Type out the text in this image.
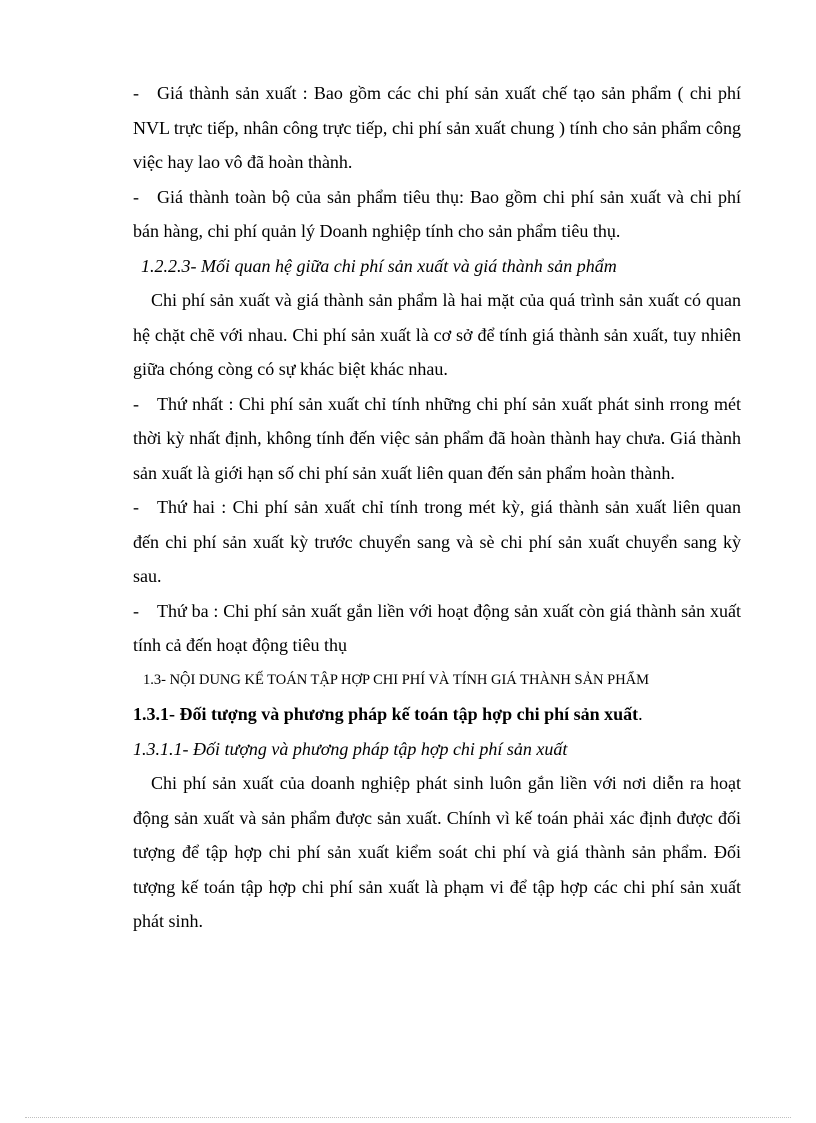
- Giá thành sản xuất : Bao gồm các chi phí sản xuất chế tạo sản phẩm ( chi phí NVL trực tiếp, nhân công trực tiếp, chi phí sản xuất chung ) tính cho sản phẩm công việc hay lao vô đã hoàn thành.

- Giá thành toàn bộ của sản phẩm tiêu thụ: Bao gồm chi phí sản xuất và chi phí bán hàng, chi phí quản lý Doanh nghiệp tính cho sản phẩm tiêu thụ.

1.2.2.3- Mối quan hệ giữa chi phí sản xuất và giá thành sản phẩm

Chi phí sản xuất và giá thành sản phẩm là hai mặt của quá trình sản xuất có quan hệ chặt chẽ với nhau. Chi phí sản xuất là cơ sở để tính giá thành sản xuất, tuy nhiên giữa chóng còng có sự khác biệt khác nhau.

- Thứ nhất : Chi phí sản xuất chỉ tính những chi phí sản xuất phát sinh rrong mét thời kỳ nhất định, không tính đến việc sản phẩm đã hoàn thành hay chưa. Giá thành sản xuất là giới hạn số chi phí sản xuất liên quan đến sản phẩm hoàn thành.

- Thứ hai : Chi phí sản xuất chỉ tính trong mét kỳ, giá thành sản xuất liên quan đến chi phí sản xuất kỳ trước chuyển sang và sè chi phí sản xuất chuyển sang kỳ sau.

- Thứ ba : Chi phí sản xuất gắn liền với hoạt động sản xuất còn giá thành sản xuất tính cả đến hoạt động tiêu thụ

1.3- NỘI DUNG KẾ TOÁN TẬP HỢP CHI PHÍ VÀ TÍNH GIÁ THÀNH SẢN PHẨM

1.3.1- Đối tượng và phương pháp kế toán tập hợp chi phí sản xuất.

1.3.1.1- Đối tượng và phương pháp tập hợp chi phí sản xuất

Chi phí sản xuất của doanh nghiệp phát sinh luôn gắn liền với nơi diễn ra hoạt động sản xuất và sản phẩm được sản xuất. Chính vì kế toán phải xác định được đối tượng để tập hợp chi phí sản xuất kiểm soát chi phí và giá thành sản phẩm. Đối tượng kế toán tập hợp chi phí sản xuất là phạm vi để tập hợp các chi phí sản xuất phát sinh.
